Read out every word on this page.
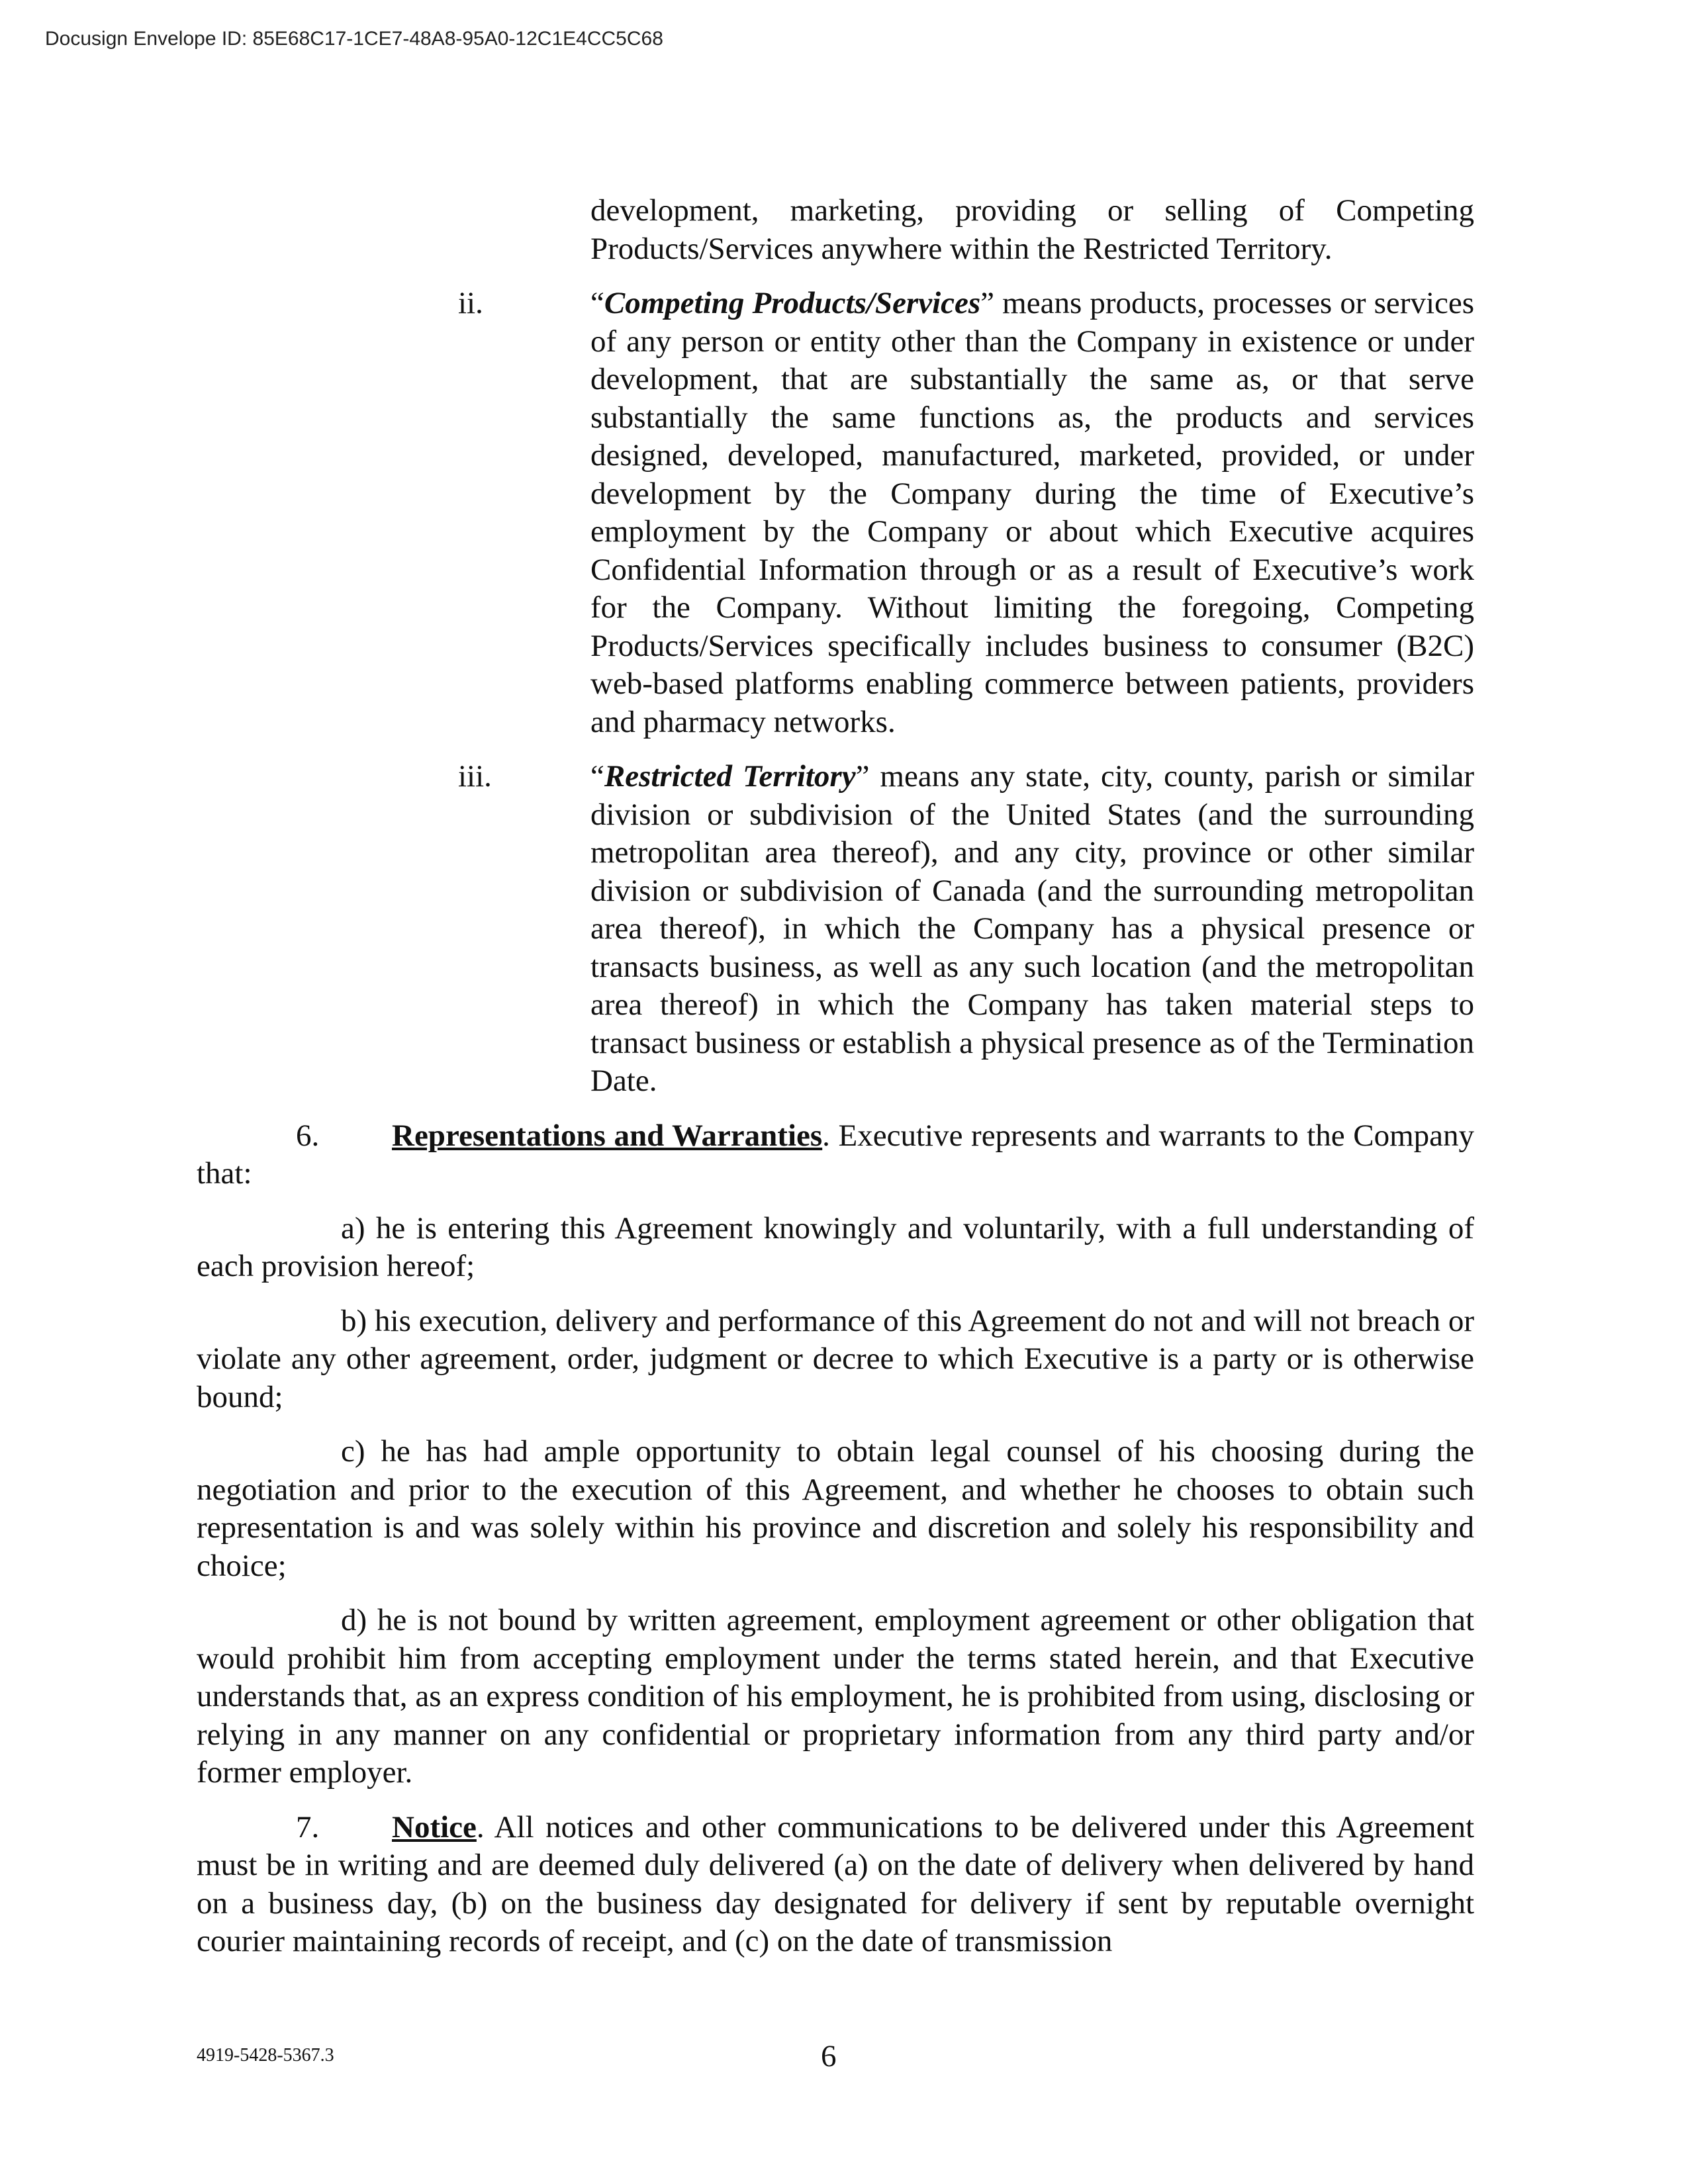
Docusign Envelope ID: 85E68C17-1CE7-48A8-95A0-12C1E4CC5C68
development, marketing, providing or selling of Competing Products/Services anywhere within the Restricted Territory.
ii.	“Competing Products/Services” means products, processes or services of any person or entity other than the Company in existence or under development, that are substantially the same as, or that serve substantially the same functions as, the products and services designed, developed, manufactured, marketed, provided, or under development by the Company during the time of Executive’s employment by the Company or about which Executive acquires Confidential Information through or as a result of Executive’s work for the Company. Without limiting the foregoing, Competing Products/Services specifically includes business to consumer (B2C) web-based platforms enabling commerce between patients, providers and pharmacy networks.
iii.	“Restricted Territory” means any state, city, county, parish or similar division or subdivision of the United States (and the surrounding metropolitan area thereof), and any city, province or other similar division or subdivision of Canada (and the surrounding metropolitan area thereof), in which the Company has a physical presence or transacts business, as well as any such location (and the metropolitan area thereof) in which the Company has taken material steps to transact business or establish a physical presence as of the Termination Date.

6. Representations and Warranties. Executive represents and warrants to the Company that:

a) he is entering this Agreement knowingly and voluntarily, with a full understanding of each provision hereof;

b) his execution, delivery and performance of this Agreement do not and will not breach or violate any other agreement, order, judgment or decree to which Executive is a party or is otherwise bound;

c) he has had ample opportunity to obtain legal counsel of his choosing during the negotiation and prior to the execution of this Agreement, and whether he chooses to obtain such representation is and was solely within his province and discretion and solely his responsibility and choice;

d) he is not bound by written agreement, employment agreement or other obligation that would prohibit him from accepting employment under the terms stated herein, and that Executive understands that, as an express condition of his employment, he is prohibited from using, disclosing or relying in any manner on any confidential or proprietary information from any third party and/or former employer.

7. Notice. All notices and other communications to be delivered under this Agreement must be in writing and are deemed duly delivered (a) on the date of delivery when delivered by hand on a business day, (b) on the business day designated for delivery if sent by reputable overnight courier maintaining records of receipt, and (c) on the date of transmission

4919-5428-5367.3	6
